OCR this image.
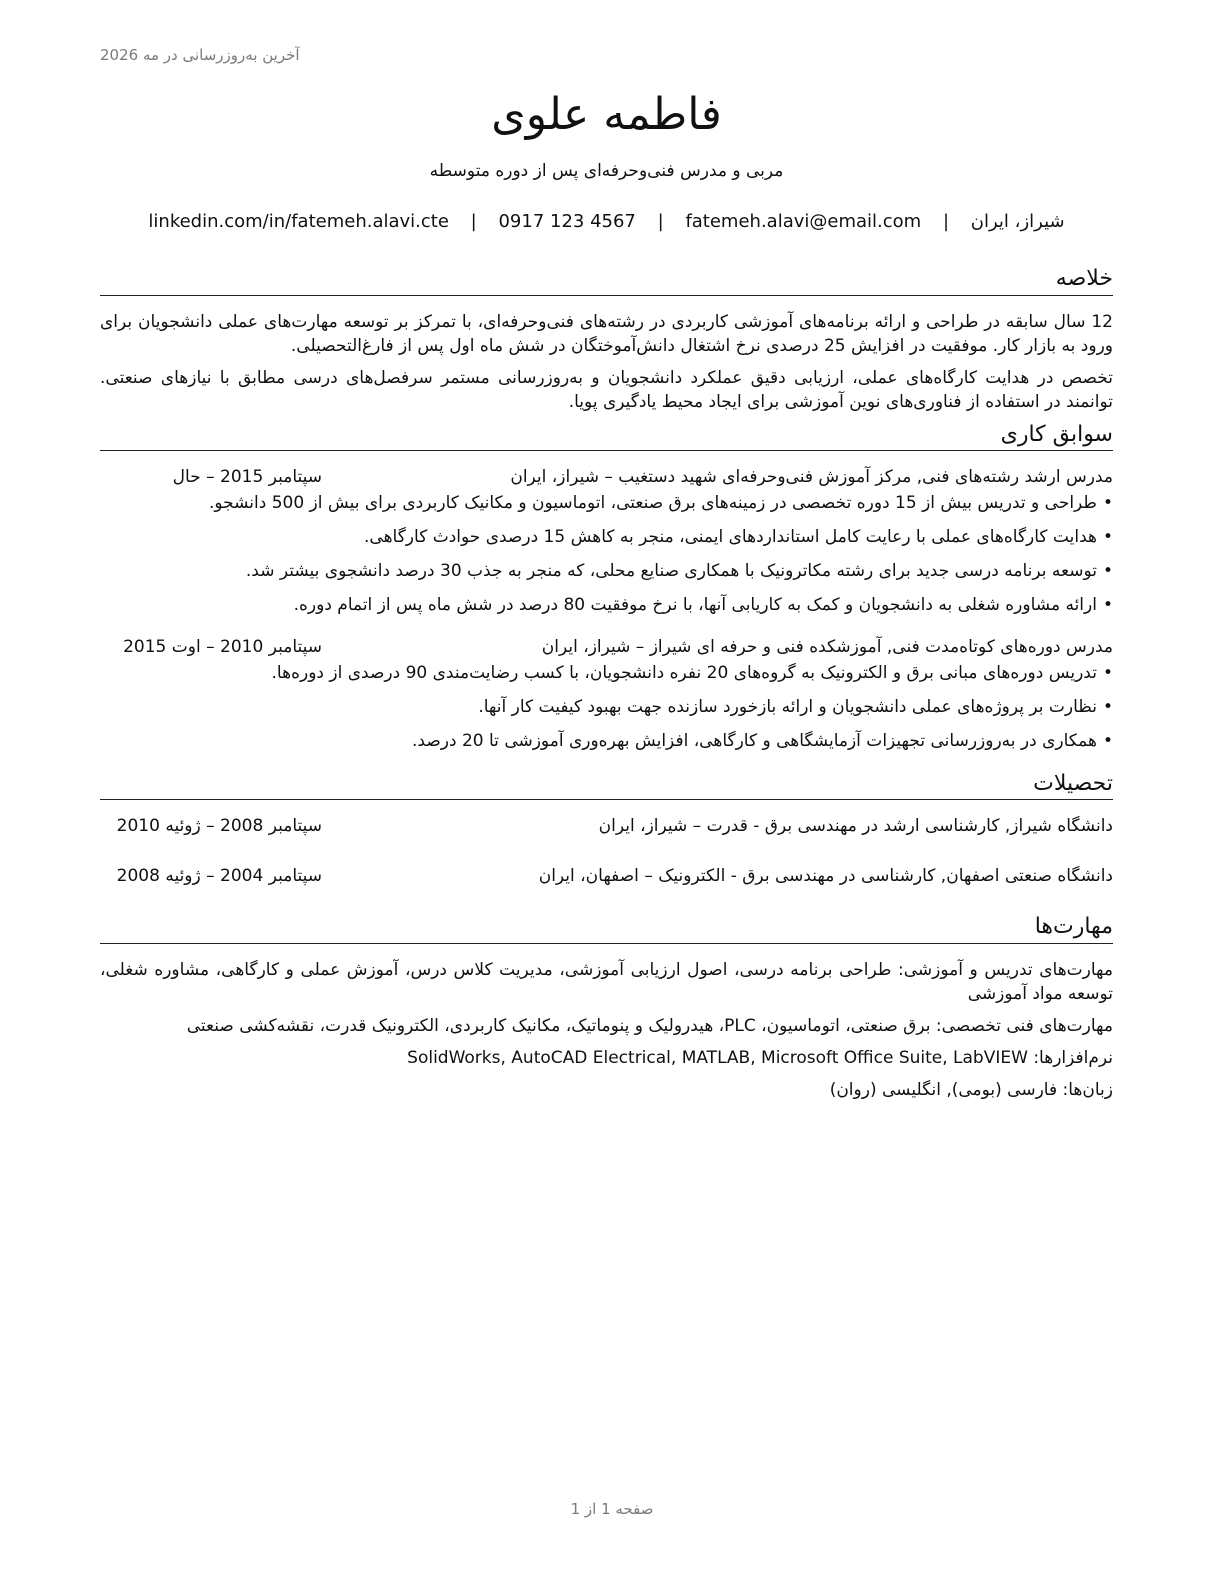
آخرین به‌روزرسانی در مه 2026
فاطمه علوی
مربی و مدرس فنی‌وحرفه‌ای پس از دوره متوسطه
شیراز، ایران | fatemeh.alavi@email.com | 0917 123 4567 | linkedin.com/in/fatemeh.alavi.cte
خلاصه

12 سال سابقه در طراحی و ارائه برنامه‌های آموزشی کاربردی در رشته‌های فنی‌وحرفه‌ای، با تمرکز بر توسعه مهارت‌های عملی دانشجویان برای ورود به بازار کار. موفقیت در افزایش 25 درصدی نرخ اشتغال دانش‌آموختگان در شش ماه اول پس از فارغ‌التحصیلی.

تخصص در هدایت کارگاه‌های عملی، ارزیابی دقیق عملکرد دانشجویان و به‌روزرسانی مستمر سرفصل‌های درسی مطابق با نیازهای صنعتی. توانمند در استفاده از فناوری‌های نوین آموزشی برای ایجاد محیط یادگیری پویا.

سوابق کاری
مدرس ارشد رشته‌های فنی, مرکز آموزش فنی‌وحرفه‌ای شهید دستغیب – شیراز، ایران
سپتامبر 2015 – حال
•طراحی و تدریس بیش از 15 دوره تخصصی در زمینه‌های برق صنعتی، اتوماسیون و مکانیک کاربردی برای بیش از 500 دانشجو.
•هدایت کارگاه‌های عملی با رعایت کامل استانداردهای ایمنی، منجر به کاهش 15 درصدی حوادث کارگاهی.
•توسعه برنامه درسی جدید برای رشته مکاترونیک با همکاری صنایع محلی، که منجر به جذب 30 درصد دانشجوی بیشتر شد.
•ارائه مشاوره شغلی به دانشجویان و کمک به کاریابی آنها، با نرخ موفقیت 80 درصد در شش ماه پس از اتمام دوره.
مدرس دوره‌های کوتاه‌مدت فنی, آموزشکده فنی و حرفه ای شیراز – شیراز، ایران
سپتامبر 2010 – اوت 2015
•تدریس دوره‌های مبانی برق و الکترونیک به گروه‌های 20 نفره دانشجویان، با کسب رضایت‌مندی 90 درصدی از دوره‌ها.
•نظارت بر پروژه‌های عملی دانشجویان و ارائه بازخورد سازنده جهت بهبود کیفیت کار آنها.
•همکاری در به‌روزرسانی تجهیزات آزمایشگاهی و کارگاهی، افزایش بهره‌وری آموزشی تا 20 درصد.
تحصیلات
دانشگاه شیراز, کارشناسی ارشد در مهندسی برق - قدرت – شیراز، ایران
سپتامبر 2008 – ژوئیه 2010
دانشگاه صنعتی اصفهان, کارشناسی در مهندسی برق - الکترونیک – اصفهان، ایران
سپتامبر 2004 – ژوئیه 2008
مهارت‌ها

مهارت‌های تدریس و آموزشی: طراحی برنامه درسی، اصول ارزیابی آموزشی، مدیریت کلاس درس، آموزش عملی و کارگاهی، مشاوره شغلی، توسعه مواد آموزشی

مهارت‌های فنی تخصصی: برق صنعتی، اتوماسیون، PLC، هیدرولیک و پنوماتیک، مکانیک کاربردی، الکترونیک قدرت، نقشه‌کشی صنعتی

نرم‌افزارها: SolidWorks, AutoCAD Electrical, MATLAB, Microsoft Office Suite, LabVIEW

زبان‌ها: فارسی (بومی), انگلیسی (روان)

صفحه 1 از 1
